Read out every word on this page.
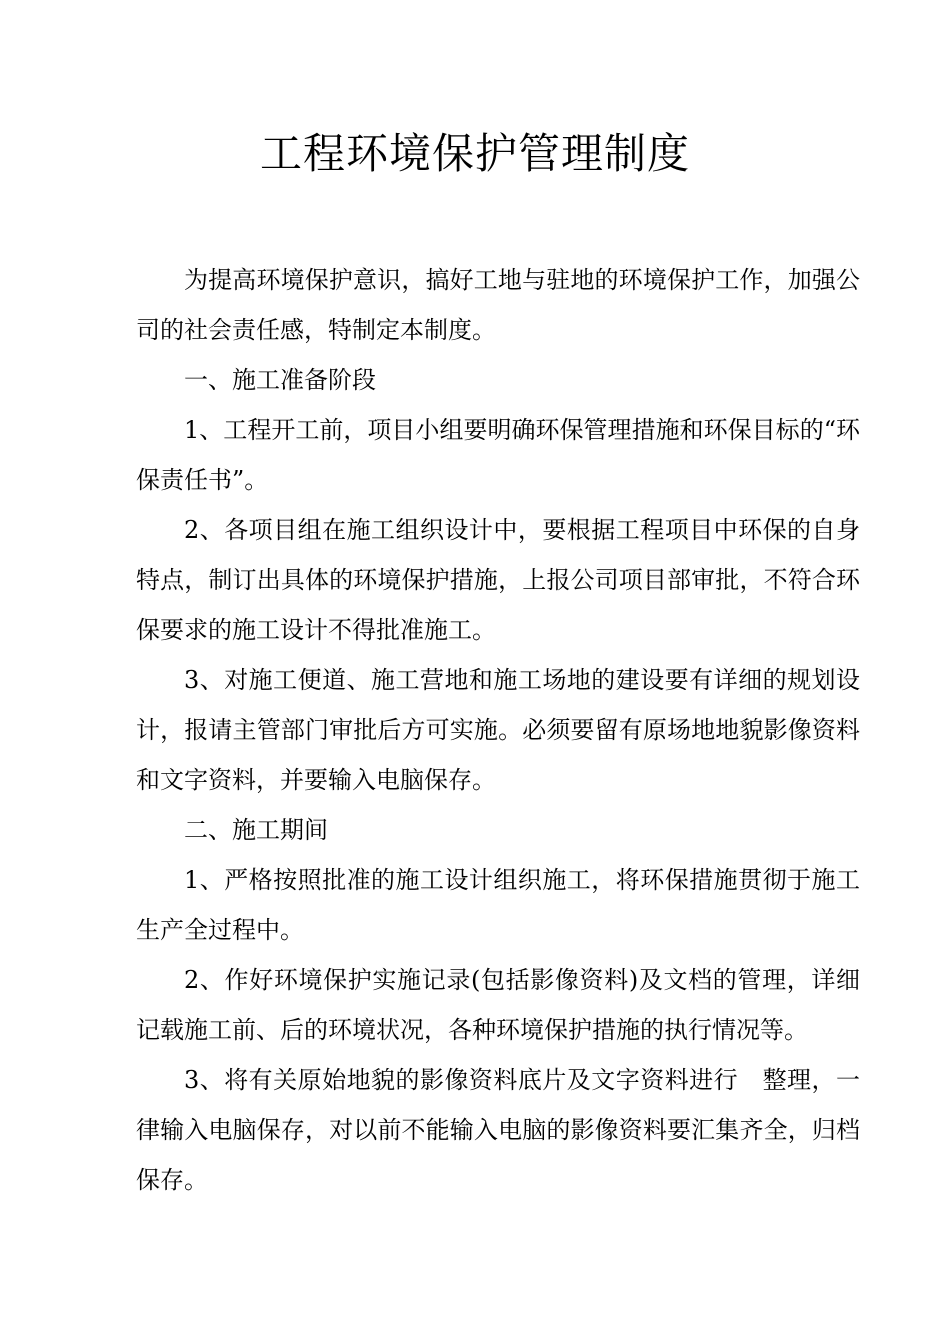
工程环境保护管理制度

为提高环境保护意识，搞好工地与驻地的环境保护工作，加强公司的社会责任感，特制定本制度。

一、施工准备阶段

1、工程开工前，项目小组要明确环保管理措施和环保目标的“环保责任书”。

2、各项目组在施工组织设计中，要根据工程项目中环保的自身特点，制订出具体的环境保护措施，上报公司项目部审批，不符合环保要求的施工设计不得批准施工。

3、对施工便道、施工营地和施工场地的建设要有详细的规划设计，报请主管部门审批后方可实施。必须要留有原场地地貌影像资料和文字资料，并要输入电脑保存。

二、施工期间

1、严格按照批准的施工设计组织施工，将环保措施贯彻于施工生产全过程中。

2、作好环境保护实施记录(包括影像资料)及文档的管理，详细记载施工前、后的环境状况，各种环境保护措施的执行情况等。

3、将有关原始地貌的影像资料底片及文字资料进行　整理，一律输入电脑保存，对以前不能输入电脑的影像资料要汇集齐全，归档保存。
